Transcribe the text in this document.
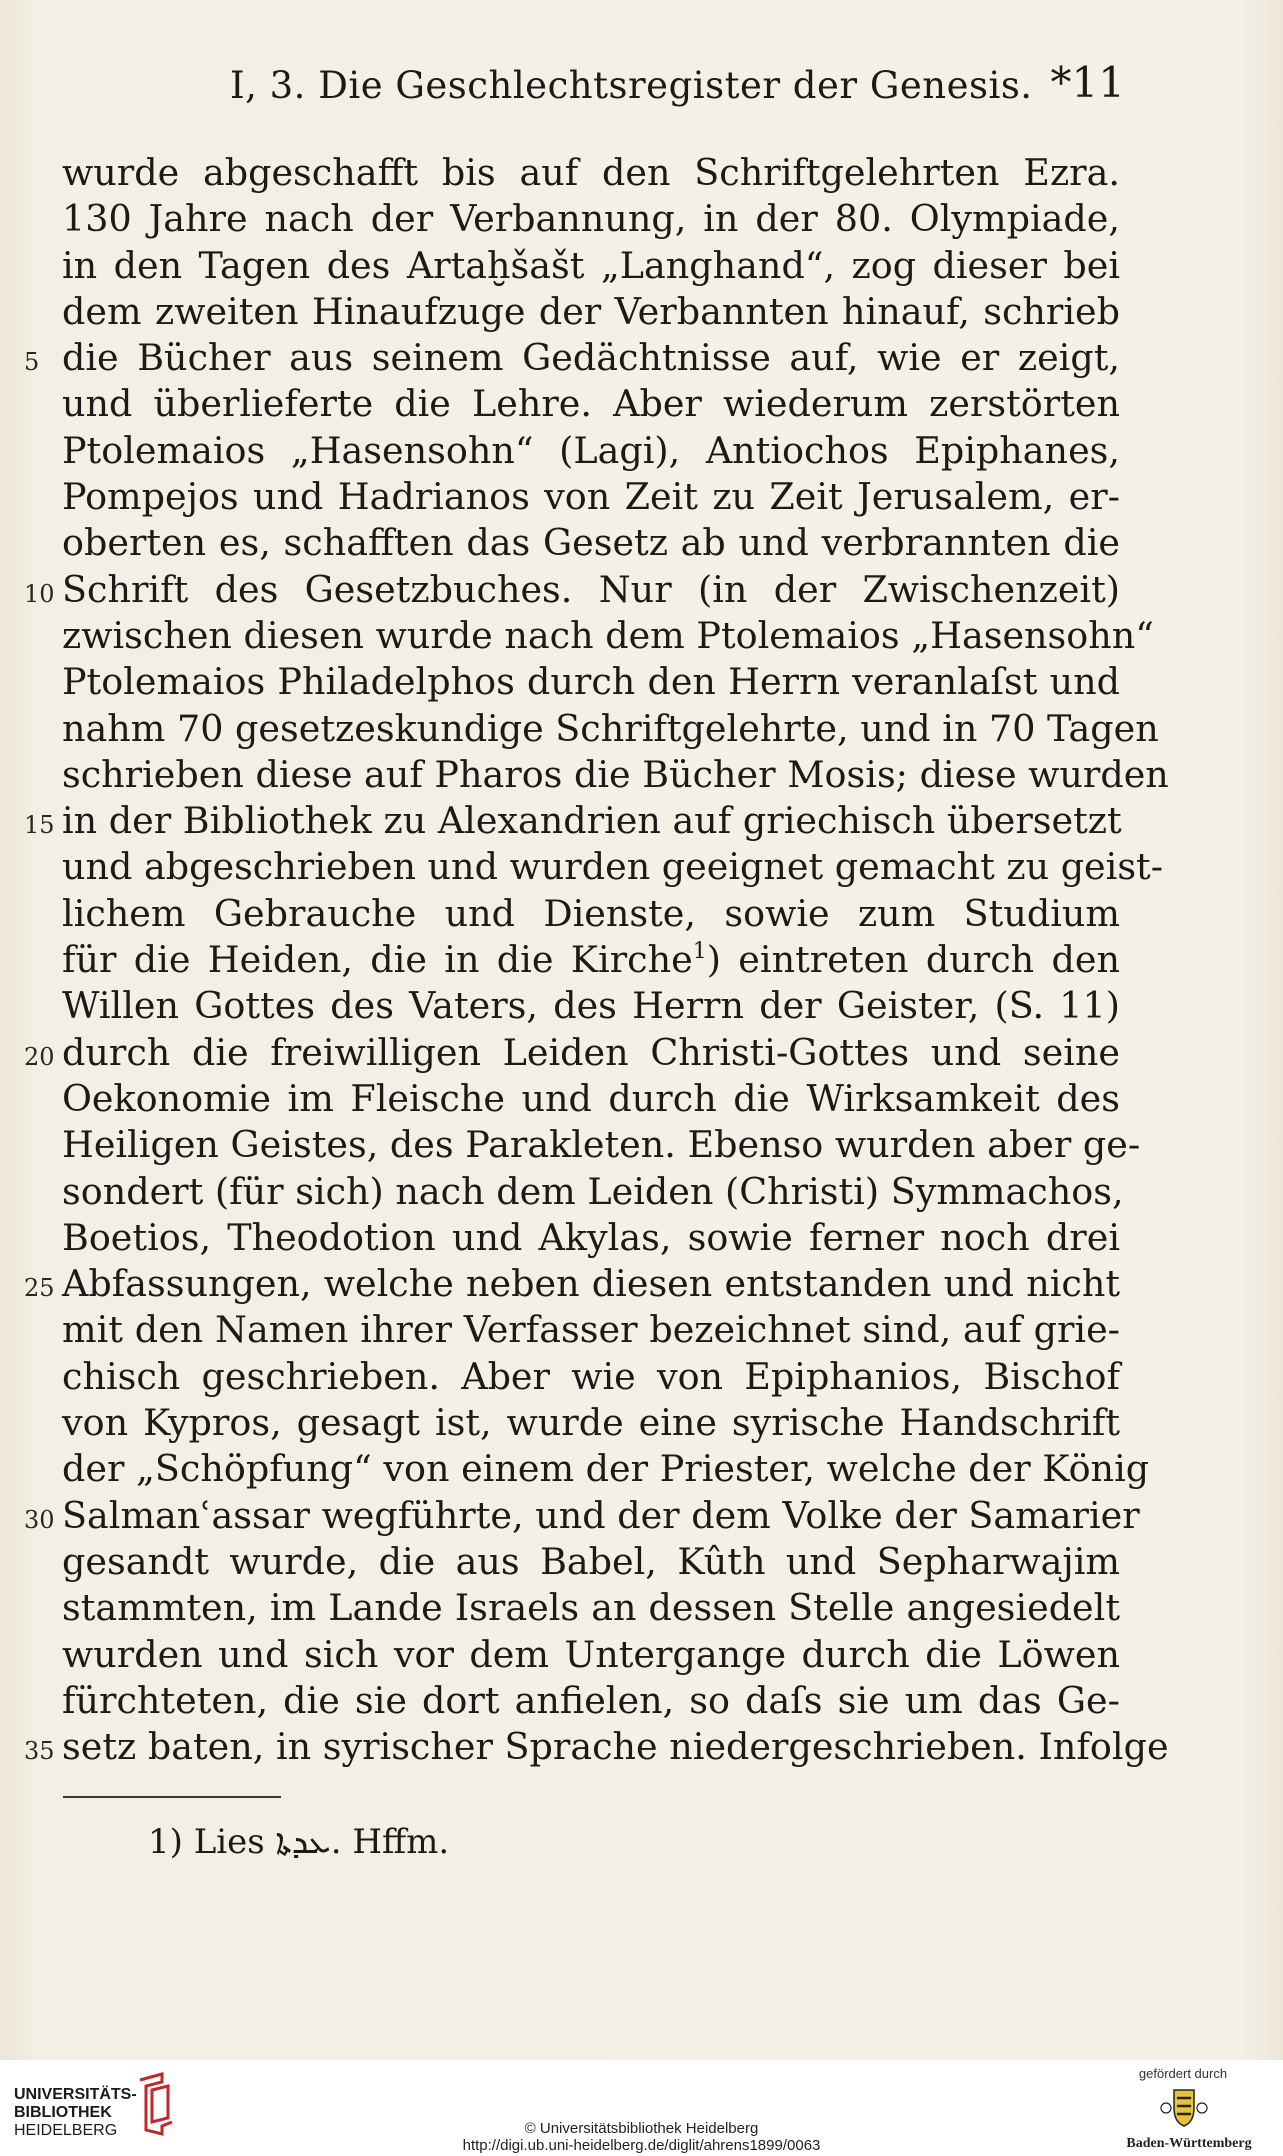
I, 3. Die Geschlechtsregister der Genesis. *11
wurde abgeschafft bis auf den Schriftgelehrten Ezra.
130 Jahre nach der Verbannung, in der 80. Olympiade,
in den Tagen des Artaḫšašt „Langhand“, zog dieser bei
dem zweiten Hinaufzuge der Verbannten hinauf, schrieb
5 die Bücher aus seinem Gedächtnisse auf, wie er zeigt,
und überlieferte die Lehre. Aber wiederum zerstörten
Ptolemaios „Hasensohn“ (Lagi), Antiochos Epiphanes,
Pompejos und Hadrianos von Zeit zu Zeit Jerusalem, er-
oberten es, schafften das Gesetz ab und verbrannten die
10 Schrift des Gesetzbuches. Nur (in der Zwischenzeit)
zwischen diesen wurde nach dem Ptolemaios „Hasensohn“
Ptolemaios Philadelphos durch den Herrn veranlaſst und
nahm 70 gesetzeskundige Schriftgelehrte, und in 70 Tagen
schrieben diese auf Pharos die Bücher Mosis; diese wurden
15 in der Bibliothek zu Alexandrien auf griechisch übersetzt
und abgeschrieben und wurden geeignet gemacht zu geist-
lichem Gebrauche und Dienste, sowie zum Studium
für die Heiden, die in die Kirche$^1$) eintreten durch den
Willen Gottes des Vaters, des Herrn der Geister, (S. 11)
20 durch die freiwilligen Leiden Christi-Gottes und seine
Oekonomie im Fleische und durch die Wirksamkeit des
Heiligen Geistes, des Parakleten. Ebenso wurden aber ge-
sondert (für sich) nach dem Leiden (Christi) Symmachos,
Boetios, Theodotion und Akylas, sowie ferner noch drei
25 Abfassungen, welche neben diesen entstanden und nicht
mit den Namen ihrer Verfasser bezeichnet sind, auf grie-
chisch geschrieben. Aber wie von Epiphanios, Bischof
von Kypros, gesagt ist, wurde eine syrische Handschrift
der „Schöpfung“ von einem der Priester, welche der König
30 Salmanʿassar wegführte, und der dem Volke der Samarier
gesandt wurde, die aus Babel, Kûth und Sepharwajim
stammten, im Lande Israels an dessen Stelle angesiedelt
wurden und sich vor dem Untergange durch die Löwen
fürchteten, die sie dort anfielen, so daſs sie um das Ge-
35 setz baten, in syrischer Sprache niedergeschrieben. Infolge
1) Lies ܥܕܬܐ. Hffm.
UNIVERSITÄTS-
BIBLIOTHEK
HEIDELBERG	© Universitätsbibliothek Heidelberg
http://digi.ub.uni-heidelberg.de/diglit/ahrens1899/0063
gefördert durch
Baden-Württemberg
